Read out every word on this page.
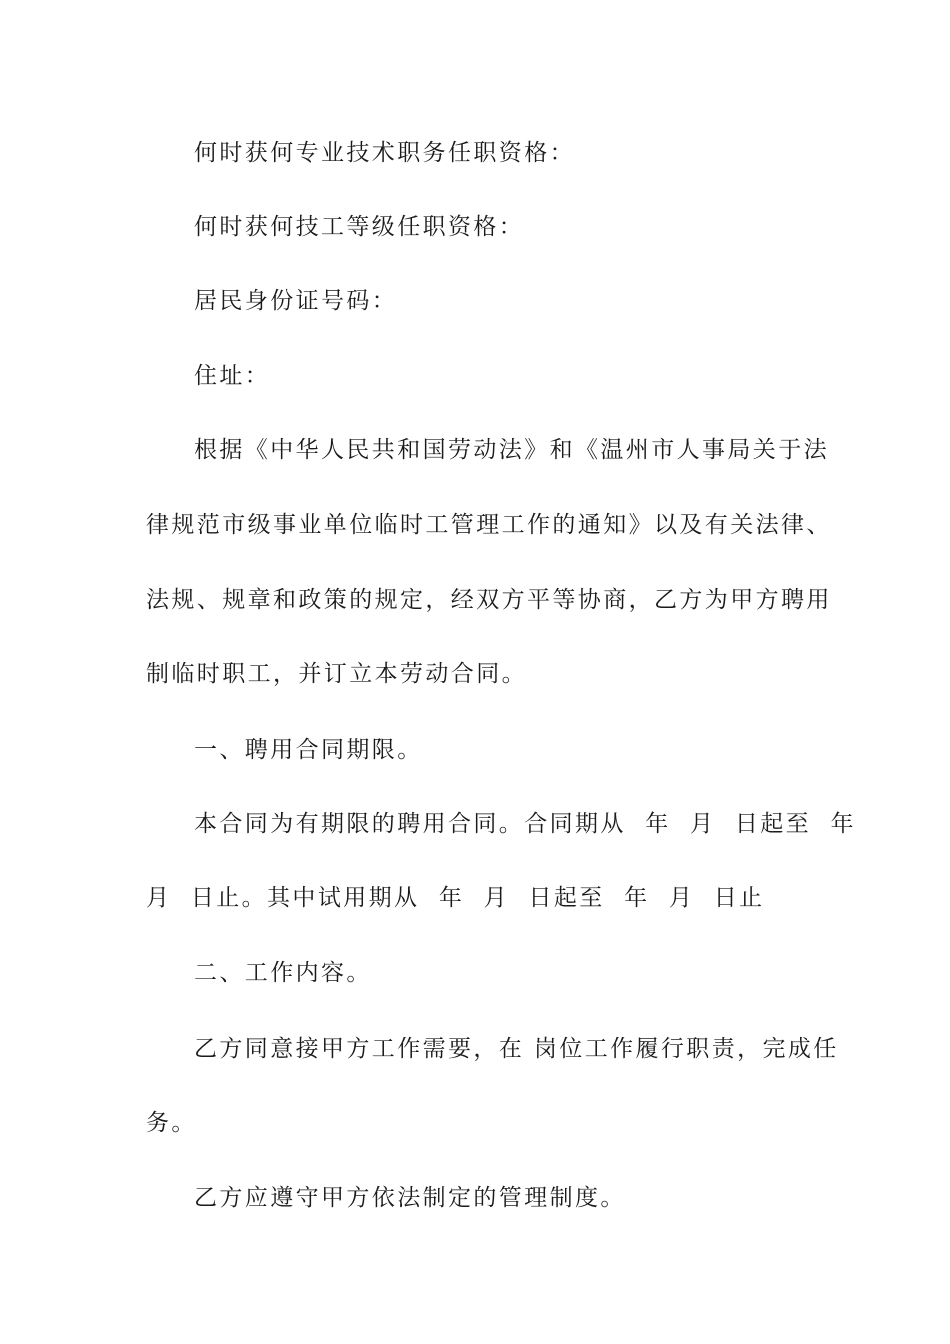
何时获何专业技术职务任职资格：
何时获何技工等级任职资格：
居民身份证号码：
住址：
根据《中华人民共和国劳动法》和《温州市人事局关于法
律规范市级事业单位临时工管理工作的通知》以及有关法律、
法规、规章和政策的规定，经双方平等协商，乙方为甲方聘用
制临时职工，并订立本劳动合同。
一、聘用合同期限。
本合同为有期限的聘用合同。合同期从  年  月  日起至  年
月  日止。其中试用期从  年  月  日起至  年  月  日止
二、工作内容。
乙方同意接甲方工作需要，在 岗位工作履行职责，完成任
务。
乙方应遵守甲方依法制定的管理制度。
